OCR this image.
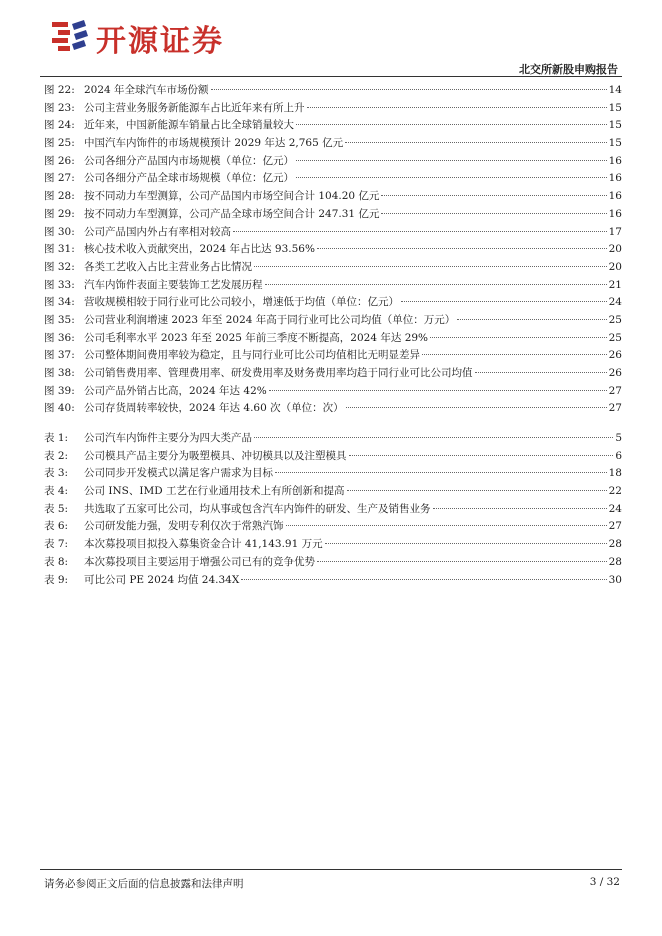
开源证券
北交所新股申购报告
图 22: 2024 年全球汽车市场份额	14
图 23: 公司主营业务服务新能源车占比近年来有所上升	15
图 24: 近年来，中国新能源车销量占比全球销量较大	15
图 25: 中国汽车内饰件的市场规模预计 2029 年达 2,765 亿元	15
图 26: 公司各细分产品国内市场规模（单位：亿元）	16
图 27: 公司各细分产品全球市场规模（单位：亿元）	16
图 28: 按不同动力车型测算，公司产品国内市场空间合计 104.20 亿元	16
图 29: 按不同动力车型测算，公司产品全球市场空间合计 247.31 亿元	16
图 30: 公司产品国内外占有率相对较高	17
图 31: 核心技术收入贡献突出，2024 年占比达 93.56%	20
图 32: 各类工艺收入占比主营业务占比情况	20
图 33: 汽车内饰件表面主要装饰工艺发展历程	21
图 34: 营收规模相较于同行业可比公司较小，增速低于均值（单位：亿元）	24
图 35: 公司营业利润增速 2023 年至 2024 年高于同行业可比公司均值（单位：万元）	25
图 36: 公司毛利率水平 2023 年至 2025 年前三季度不断提高，2024 年达 29%	25
图 37: 公司整体期间费用率较为稳定，且与同行业可比公司均值相比无明显差异	26
图 38: 公司销售费用率、管理费用率、研发费用率及财务费用率均趋于同行业可比公司均值	26
图 39: 公司产品外销占比高，2024 年达 42%	27
图 40: 公司存货周转率较快，2024 年达 4.60 次（单位：次）	27
表 1:	公司汽车内饰件主要分为四大类产品	5
表 2:	公司模具产品主要分为吸塑模具、冲切模具以及注塑模具	6
表 3:	公司同步开发模式以满足客户需求为目标	18
表 4:	公司 INS、IMD 工艺在行业通用技术上有所创新和提高	22
表 5:	共选取了五家可比公司，均从事或包含汽车内饰件的研发、生产及销售业务	24
表 6:	公司研发能力强，发明专利仅次于常熟汽饰	27
表 7:	本次募投项目拟投入募集资金合计 41,143.91 万元	28
表 8:	本次募投项目主要运用于增强公司已有的竞争优势	28
表 9:	可比公司 PE 2024 均值 24.34X	30
请务必参阅正文后面的信息披露和法律声明	3 / 32
